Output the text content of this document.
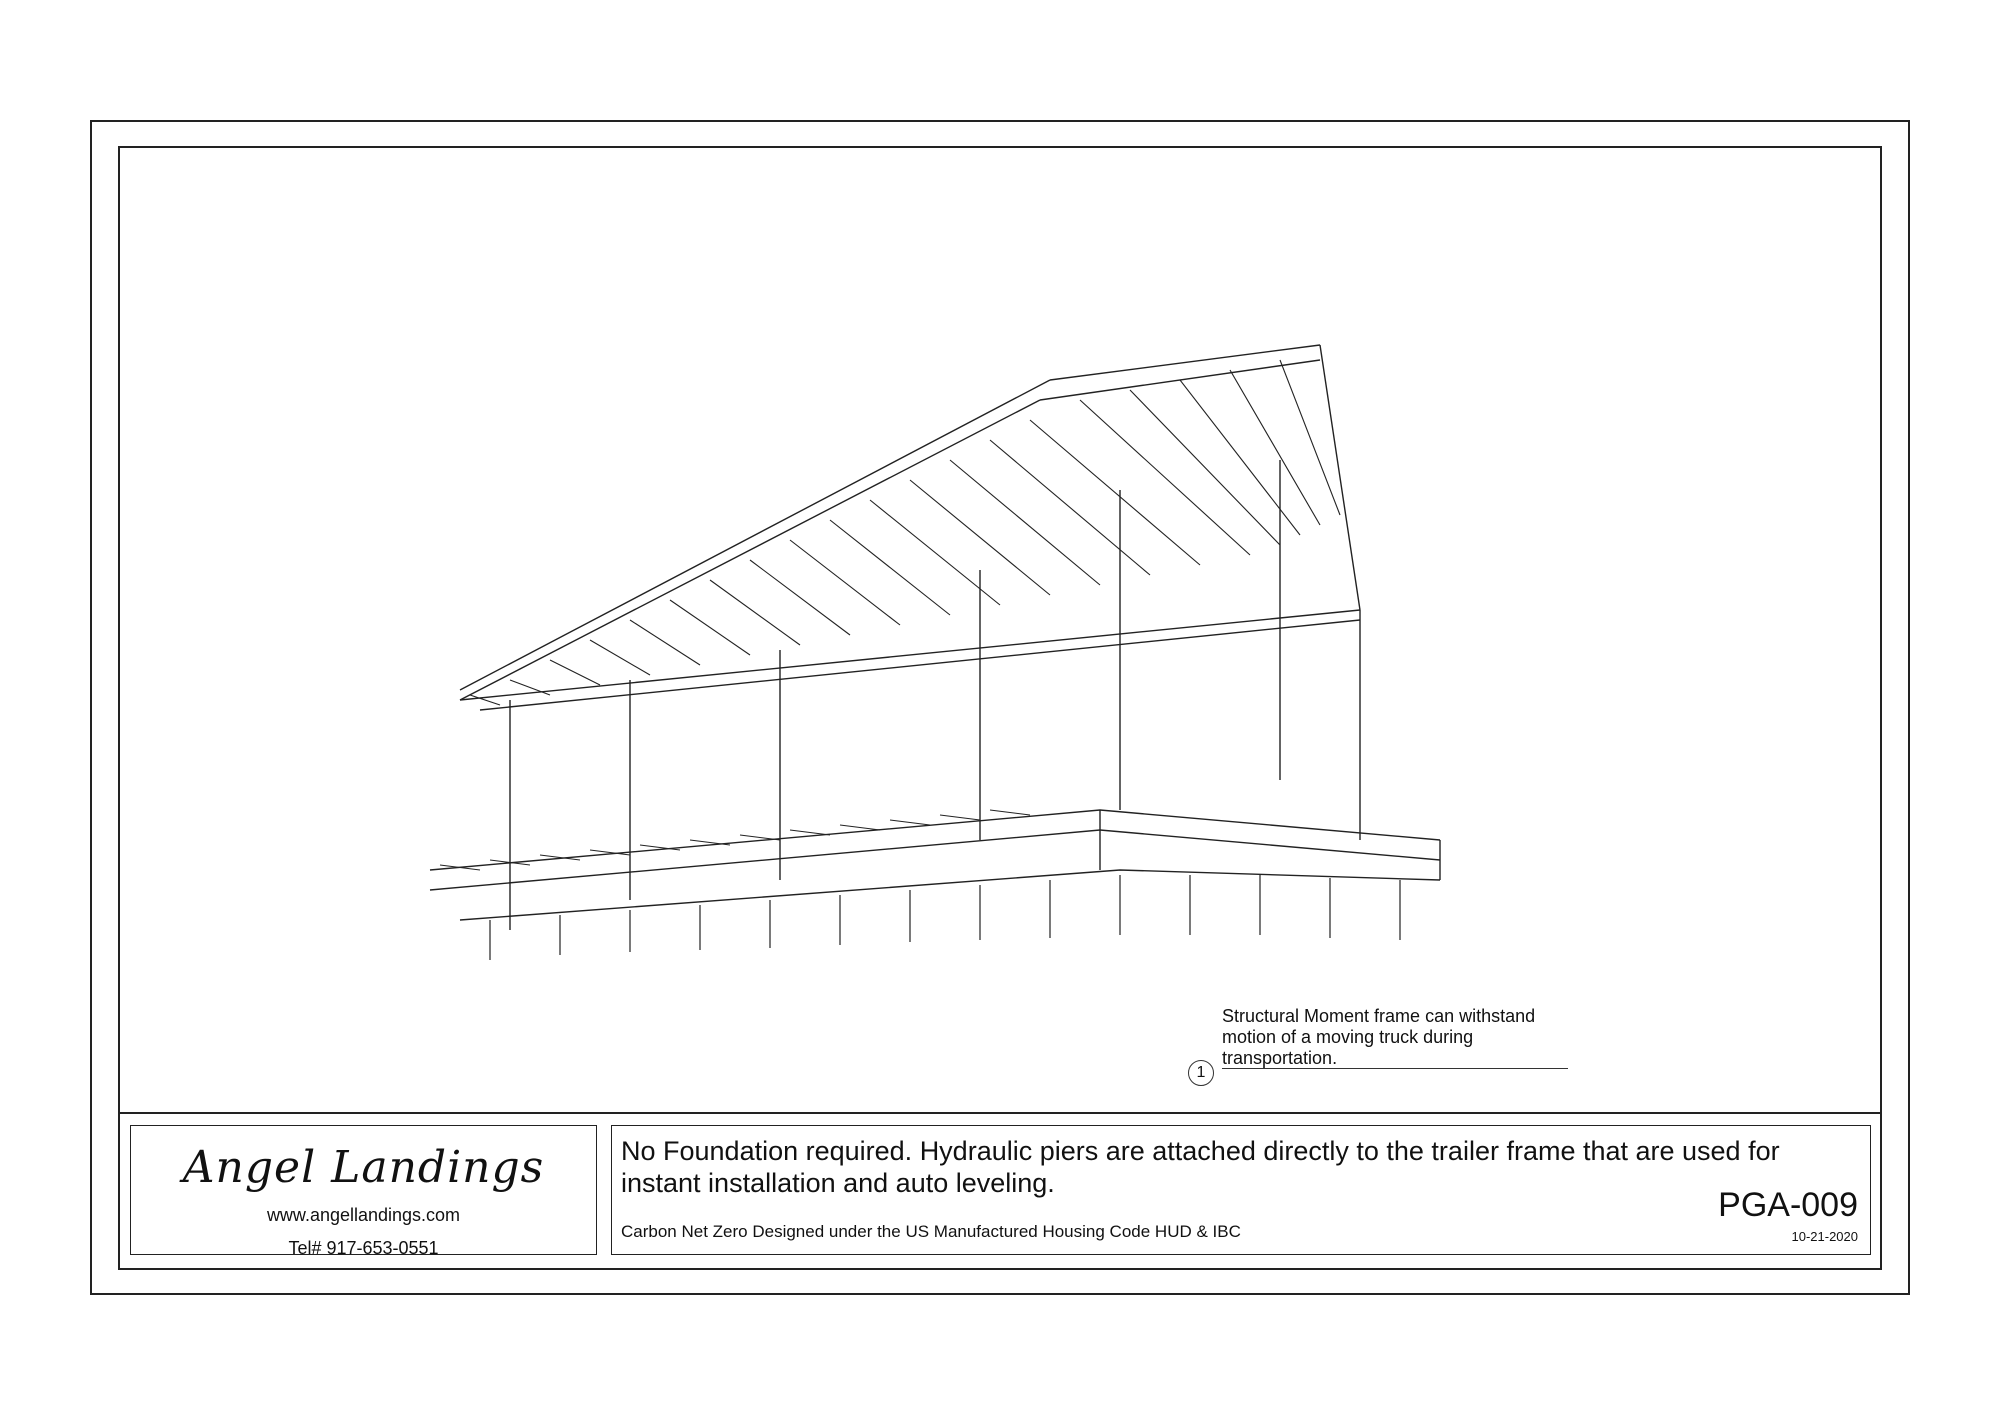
Structural Moment frame can withstand motion of a moving truck during transportation.
1
Angel Landings
www.angellandings.com
Tel# 917-653-0551
No Foundation required. Hydraulic piers are attached directly to the trailer frame that are used for instant installation and auto leveling.
PGA-009
Carbon Net Zero Designed under the US Manufactured Housing Code HUD & IBC	10-21-2020
